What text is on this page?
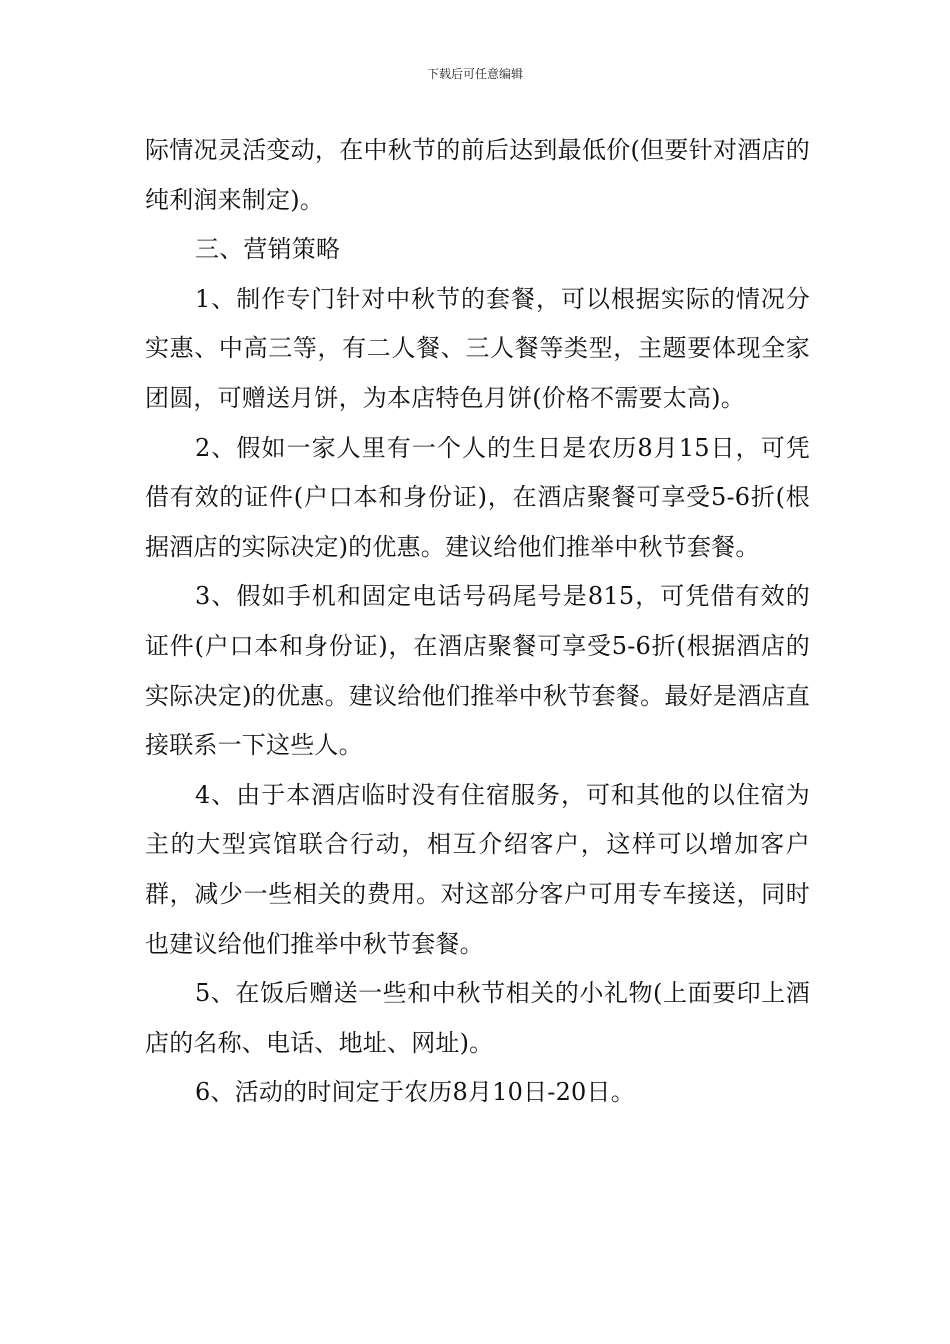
下载后可任意编辑

际情况灵活变动，在中秋节的前后达到最低价(但要针对酒店的纯利润来制定)。

三、营销策略

1、制作专门针对中秋节的套餐，可以根据实际的情况分实惠、中高三等，有二人餐、三人餐等类型，主题要体现全家团圆，可赠送月饼，为本店特色月饼(价格不需要太高)。

2、假如一家人里有一个人的生日是农历8月15日，可凭借有效的证件(户口本和身份证)，在酒店聚餐可享受5-6折(根据酒店的实际决定)的优惠。建议给他们推举中秋节套餐。

3、假如手机和固定电话号码尾号是815，可凭借有效的证件(户口本和身份证)，在酒店聚餐可享受5-6折(根据酒店的实际决定)的优惠。建议给他们推举中秋节套餐。最好是酒店直接联系一下这些人。

4、由于本酒店临时没有住宿服务，可和其他的以住宿为主的大型宾馆联合行动，相互介绍客户，这样可以增加客户群，减少一些相关的费用。对这部分客户可用专车接送，同时也建议给他们推举中秋节套餐。

5、在饭后赠送一些和中秋节相关的小礼物(上面要印上酒店的名称、电话、地址、网址)。

6、活动的时间定于农历8月10日-20日。
